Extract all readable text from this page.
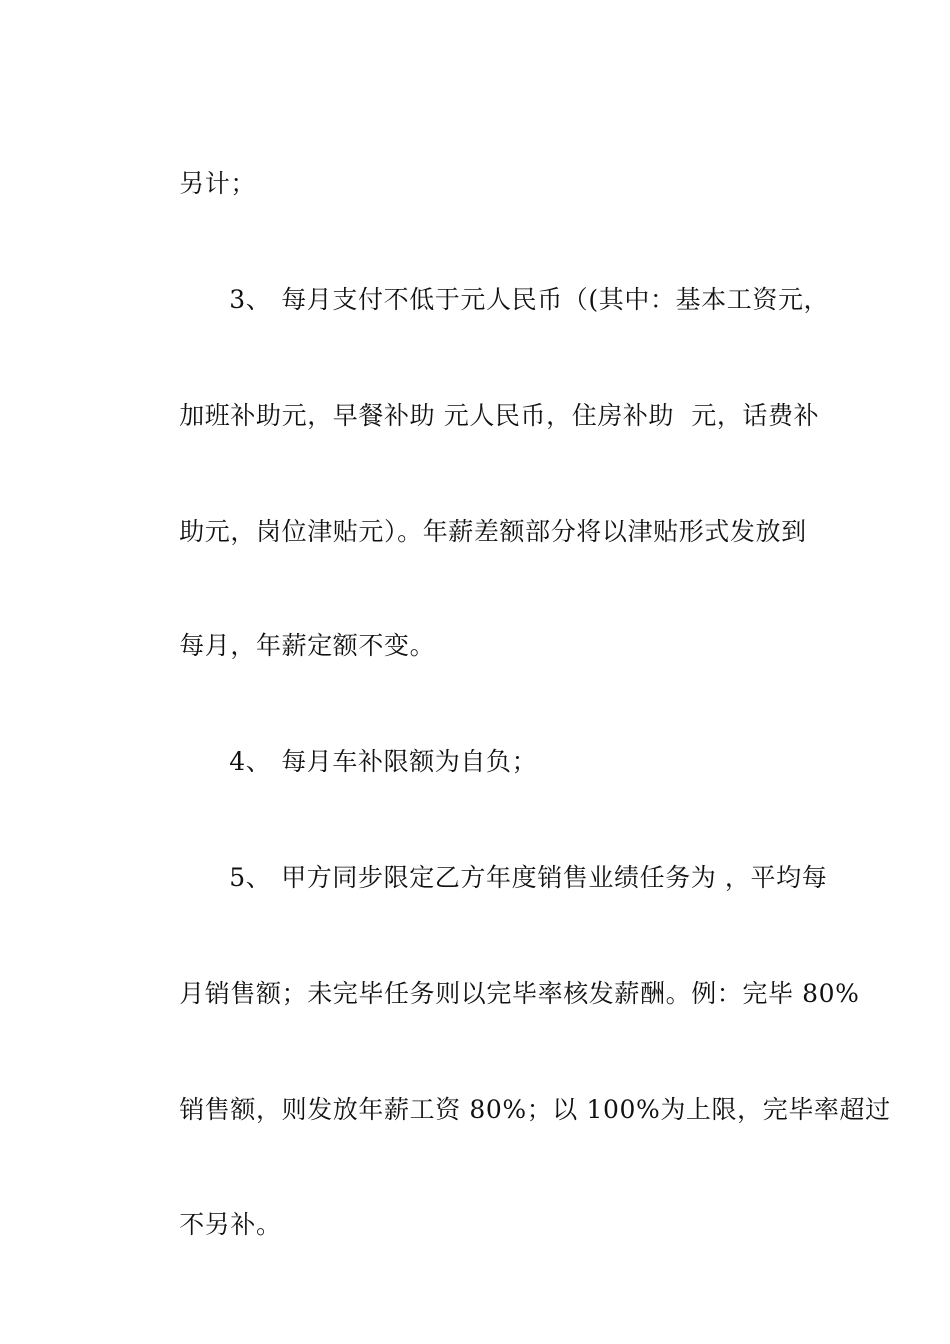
另计；

3、 每月支付不低于元人民币（(其中：基本工资元，

加班补助元，早餐补助 元人民币，住房补助  元，话费补

助元，岗位津贴元）。年薪差额部分将以津贴形式发放到

每月，年薪定额不变。

4、 每月车补限额为自负；

5、 甲方同步限定乙方年度销售业绩任务为 ，平均每

月销售额；未完毕任务则以完毕率核发薪酬。例：完毕 80%

销售额，则发放年薪工资 80%；以 100%为上限，完毕率超过

不另补。
